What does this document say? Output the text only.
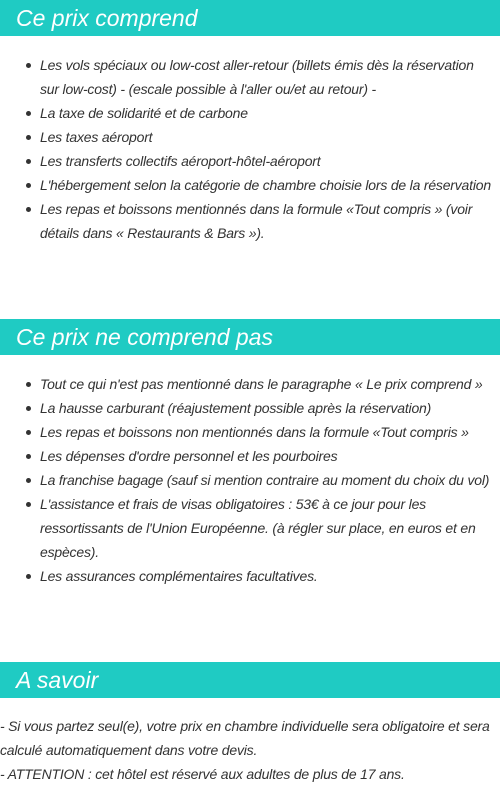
Ce prix comprend
Les vols spéciaux ou low-cost aller-retour (billets émis dès la réservation sur low-cost) - (escale possible à l'aller ou/et au retour) -
La taxe de solidarité et de carbone
Les taxes aéroport
Les transferts collectifs aéroport-hôtel-aéroport
L'hébergement selon la catégorie de chambre choisie lors de la réservation
Les repas et boissons mentionnés dans la formule «Tout compris » (voir détails dans « Restaurants & Bars »).
Ce prix ne comprend pas
Tout ce qui n'est pas mentionné dans le paragraphe « Le prix comprend »
La hausse carburant (réajustement possible après la réservation)
Les repas et boissons non mentionnés dans la formule «Tout compris »
Les dépenses d'ordre personnel et les pourboires
La franchise bagage (sauf si mention contraire au moment du choix du vol)
L'assistance et frais de visas obligatoires : 53€ à ce jour pour les ressortissants de l'Union Européenne. (à régler sur place, en euros et en espèces).
Les assurances complémentaires facultatives.
A savoir

- Si vous partez seul(e), votre prix en chambre individuelle sera obligatoire et sera calculé automatiquement dans votre devis.

- ATTENTION : cet hôtel est réservé aux adultes de plus de 17 ans.
